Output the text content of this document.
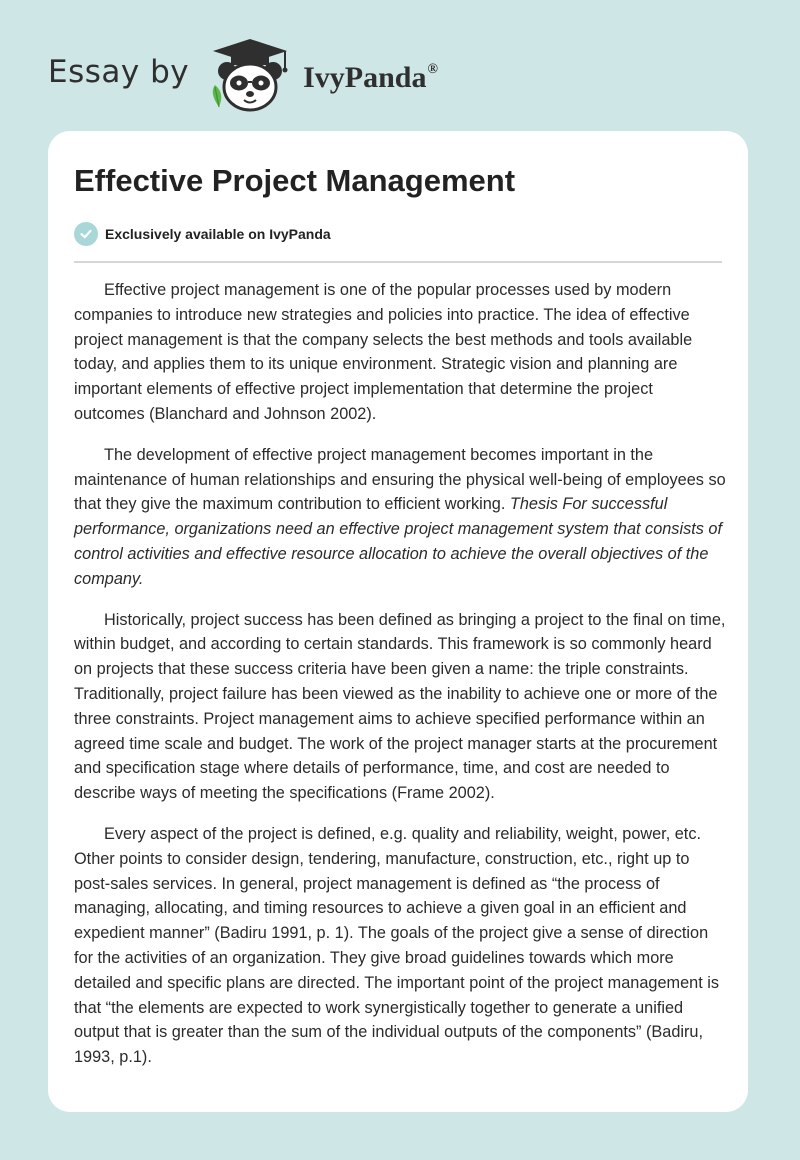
Essay by	IvyPanda®
Effective Project Management
Exclusively available on IvyPanda

Effective project management is one of the popular processes used by modern companies to introduce new strategies and policies into practice. The idea of effective project management is that the company selects the best methods and tools available today, and applies them to its unique environment. Strategic vision and planning are important elements of effective project implementation that determine the project outcomes (Blanchard and Johnson 2002).

The development of effective project management becomes important in the maintenance of human relationships and ensuring the physical well-being of employees so that they give the maximum contribution to efficient working. Thesis For successful performance, organizations need an effective project management system that consists of control activities and effective resource allocation to achieve the overall objectives of the company.

Historically, project success has been defined as bringing a project to the final on time, within budget, and according to certain standards. This framework is so commonly heard on projects that these success criteria have been given a name: the triple constraints. Traditionally, project failure has been viewed as the inability to achieve one or more of the three constraints. Project management aims to achieve specified performance within an agreed time scale and budget. The work of the project manager starts at the procurement and specification stage where details of performance, time, and cost are needed to describe ways of meeting the specifications (Frame 2002).

Every aspect of the project is defined, e.g. quality and reliability, weight, power, etc. Other points to consider design, tendering, manufacture, construction, etc., right up to post-sales services. In general, project management is defined as “the process of managing, allocating, and timing resources to achieve a given goal in an efficient and expedient manner” (Badiru 1991, p. 1). The goals of the project give a sense of direction for the activities of an organization. They give broad guidelines towards which more detailed and specific plans are directed. The important point of the project management is that “the elements are expected to work synergistically together to generate a unified output that is greater than the sum of the individual outputs of the components” (Badiru, 1993, p.1).
